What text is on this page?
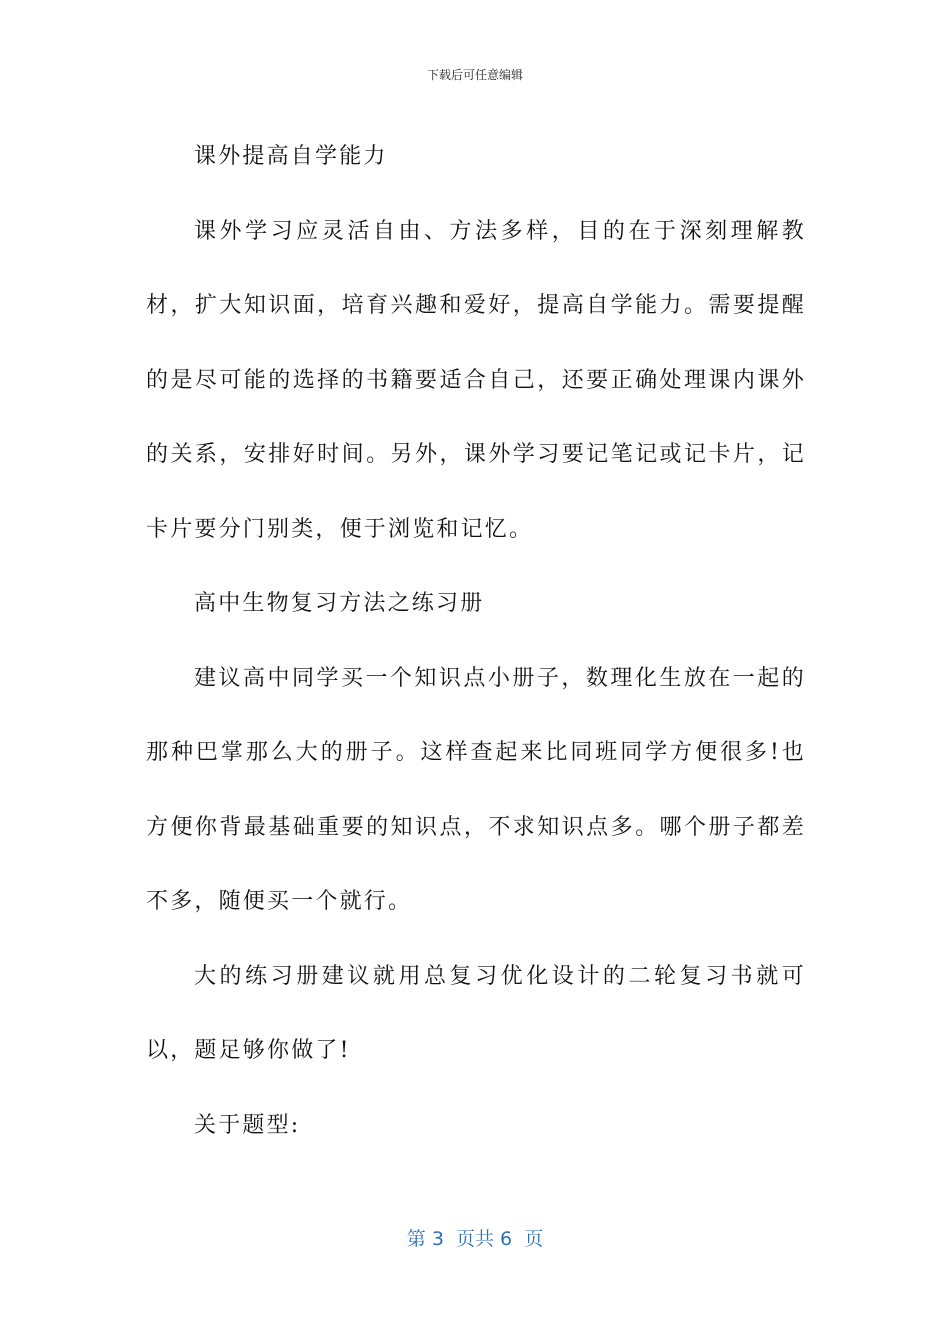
下载后可任意编辑

课外提高自学能力

课外学习应灵活自由、方法多样，目的在于深刻理解教材，扩大知识面，培育兴趣和爱好，提高自学能力。需要提醒的是尽可能的选择的书籍要适合自己，还要正确处理课内课外的关系，安排好时间。另外，课外学习要记笔记或记卡片，记卡片要分门别类，便于浏览和记忆。

高中生物复习方法之练习册

建议高中同学买一个知识点小册子，数理化生放在一起的那种巴掌那么大的册子。这样查起来比同班同学方便很多!也方便你背最基础重要的知识点，不求知识点多。哪个册子都差不多，随便买一个就行。

大的练习册建议就用总复习优化设计的二轮复习书就可以，题足够你做了!

关于题型:

第 3  页共 6  页
